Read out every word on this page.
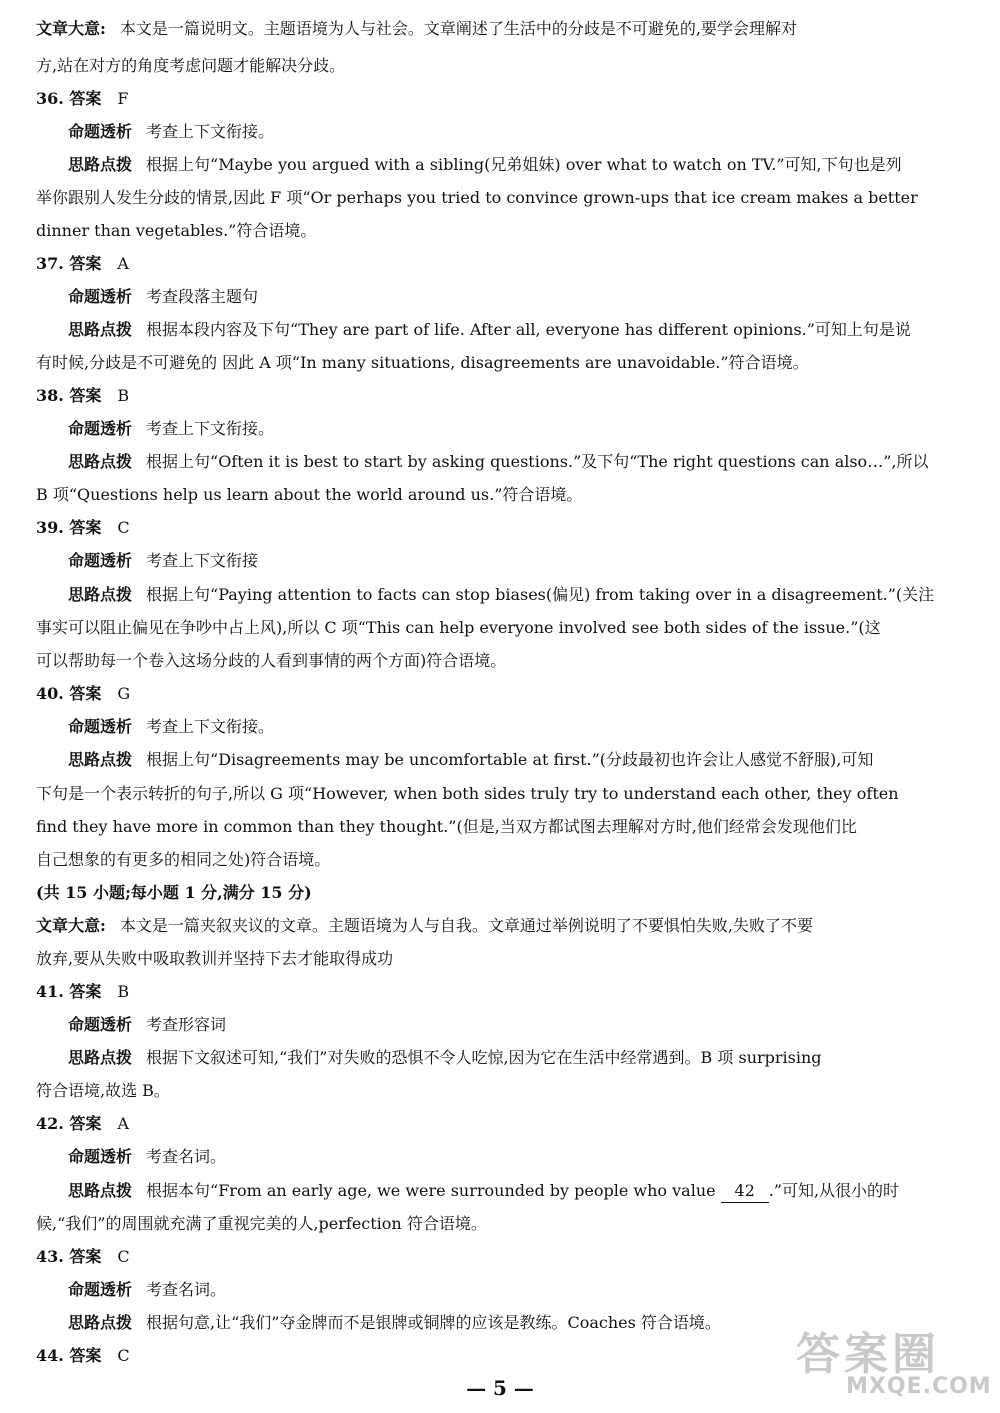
文章大意: 本文是一篇说明文。主题语境为人与社会。文章阐述了生活中的分歧是不可避免的,要学会理解对
方,站在对方的角度考虑问题才能解决分歧。
36. 答案 F
命题透析 考查上下文衔接。
思路点拨 根据上句“Maybe you argued with a sibling(兄弟姐妹) over what to watch on TV.”可知,下句也是列
举你跟别人发生分歧的情景,因此 F 项“Or perhaps you tried to convince grown-ups that ice cream makes a better
dinner than vegetables.”符合语境。
37. 答案 A
命题透析 考查段落主题句
思路点拨 根据本段内容及下句“They are part of life. After all, everyone has different opinions.”可知上句是说
有时候,分歧是不可避免的 因此 A 项“In many situations, disagreements are unavoidable.”符合语境。
38. 答案 B
命题透析 考查上下文衔接。
思路点拨 根据上句“Often it is best to start by asking questions.”及下句“The right questions can also…”,所以
B 项“Questions help us learn about the world around us.”符合语境。
39. 答案 C
命题透析 考查上下文衔接
思路点拨 根据上句“Paying attention to facts can stop biases(偏见) from taking over in a disagreement.”(关注
事实可以阻止偏见在争吵中占上风),所以 C 项“This can help everyone involved see both sides of the issue.”(这
可以帮助每一个卷入这场分歧的人看到事情的两个方面)符合语境。
40. 答案 G
命题透析 考查上下文衔接。
思路点拨 根据上句“Disagreements may be uncomfortable at first.”(分歧最初也许会让人感觉不舒服),可知
下句是一个表示转折的句子,所以 G 项“However, when both sides truly try to understand each other, they often
find they have more in common than they thought.”(但是,当双方都试图去理解对方时,他们经常会发现他们比
自己想象的有更多的相同之处)符合语境。
(共 15 小题;每小题 1 分,满分 15 分)
文章大意: 本文是一篇夹叙夹议的文章。主题语境为人与自我。文章通过举例说明了不要惧怕失败,失败了不要
放弃,要从失败中吸取教训并坚持下去才能取得成功
41. 答案 B
命题透析 考查形容词
思路点拨 根据下文叙述可知,“我们”对失败的恐惧不令人吃惊,因为它在生活中经常遇到。B 项 surprising
符合语境,故选 B。
42. 答案 A
命题透析 考查名词。
思路点拨 根据本句“From an early age, we were surrounded by people who value 42 .”可知,从很小的时
候,“我们”的周围就充满了重视完美的人,perfection 符合语境。
43. 答案 C
命题透析 考查名词。
思路点拨 根据句意,让“我们”夺金牌而不是银牌或铜牌的应该是教练。Coaches 符合语境。
44. 答案 C	答案圈
MXQE.COM
— 5 —
